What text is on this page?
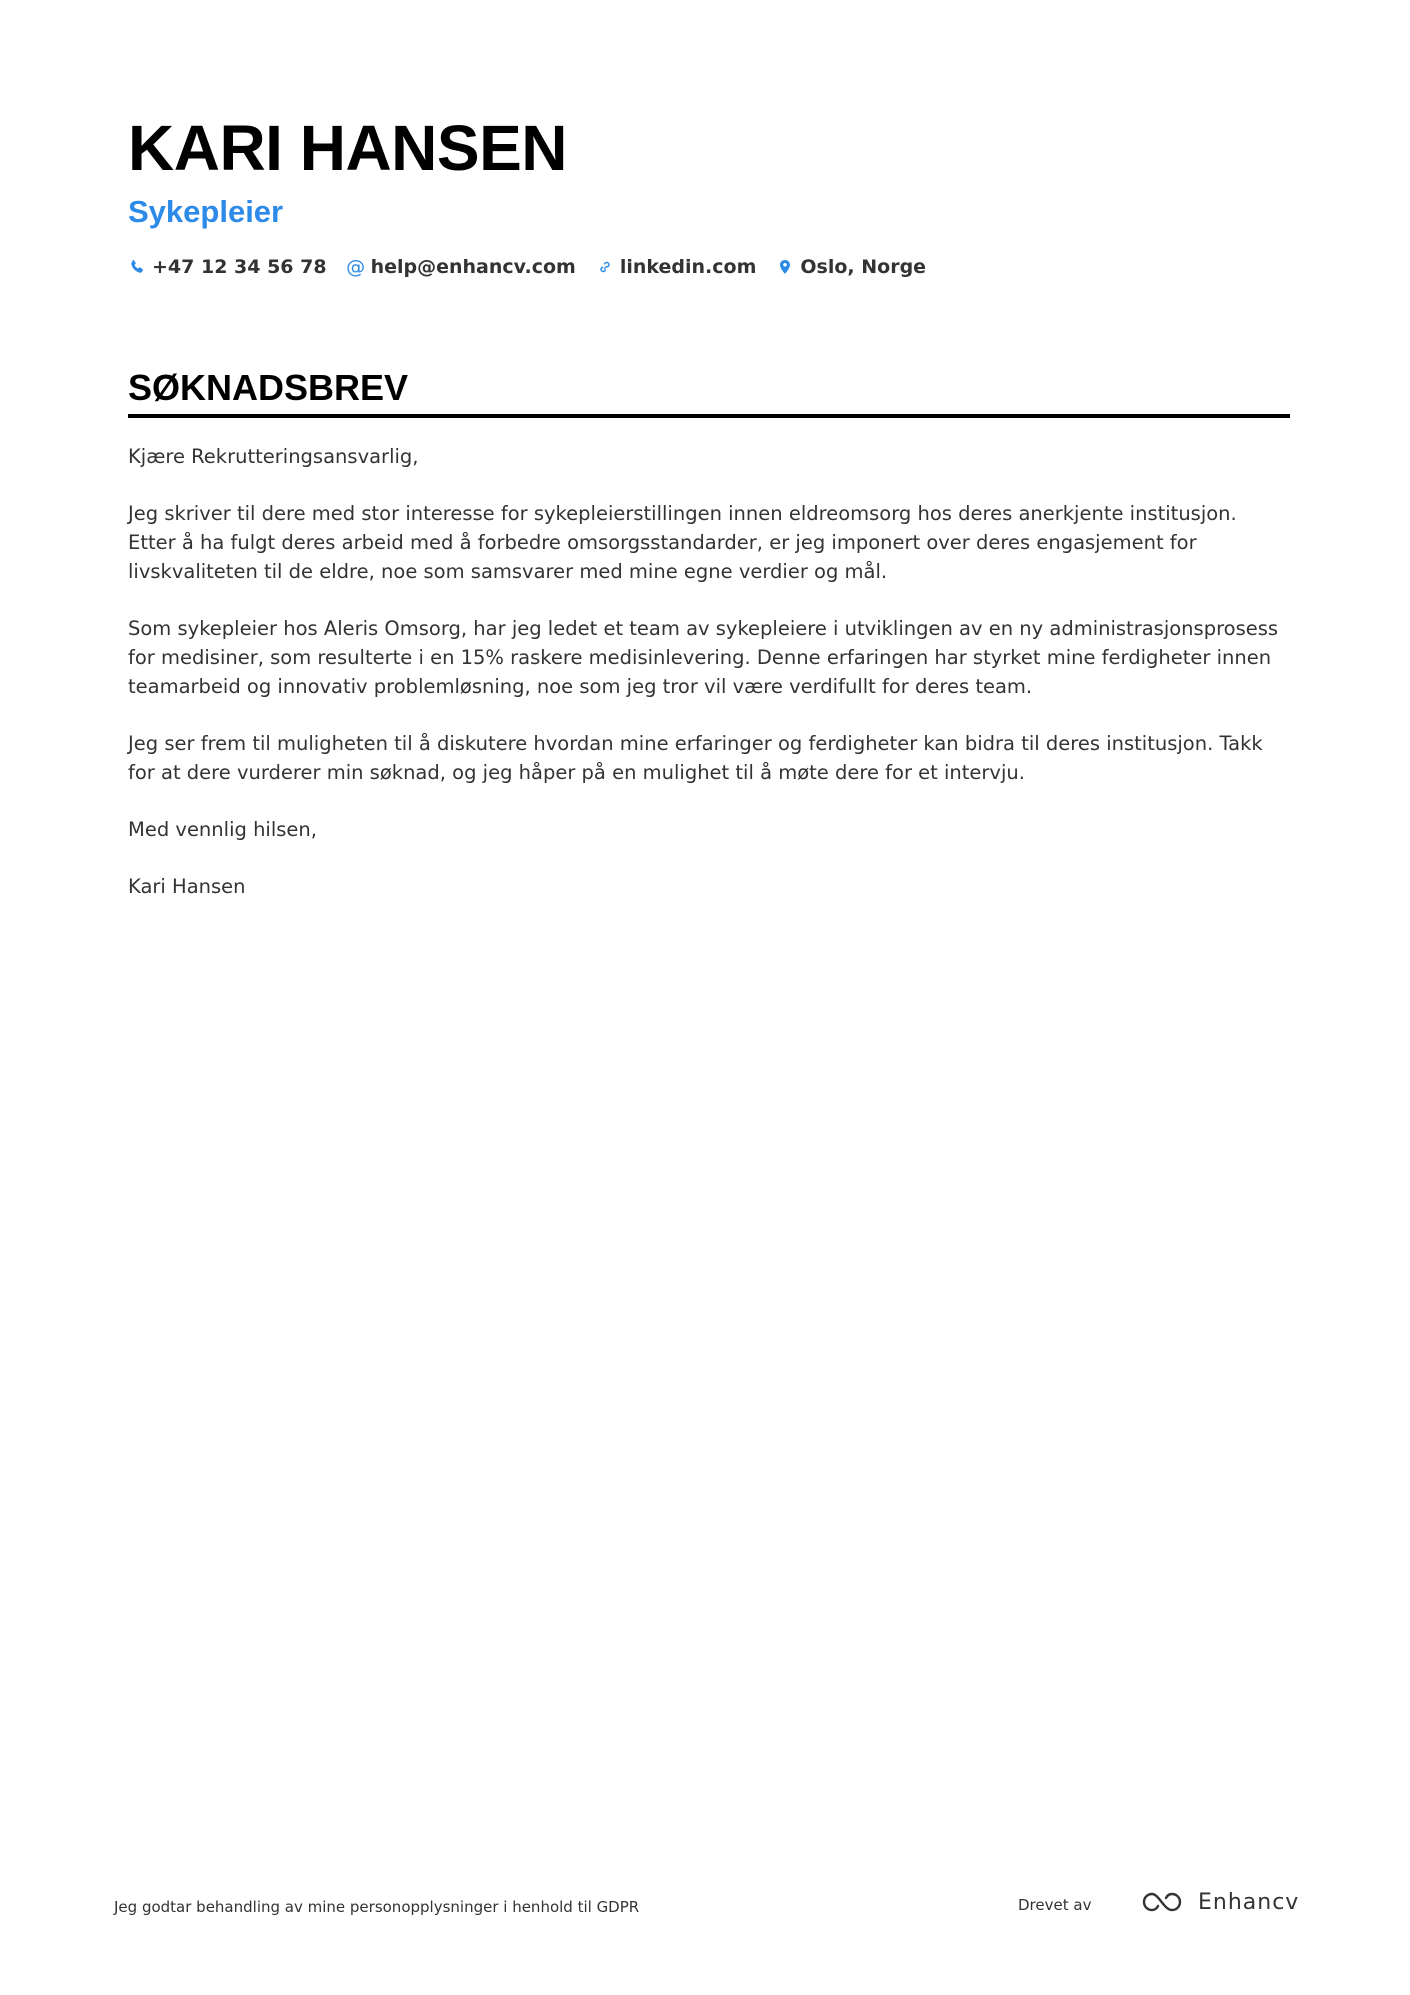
KARI HANSEN
Sykepleier
+47 12 34 56 78 @ help@enhancv.com linkedin.com Oslo, Norge
SØKNADSBREV

Kjære Rekrutteringsansvarlig,

Jeg skriver til dere med stor interesse for sykepleierstillingen innen eldreomsorg hos deres anerkjente institusjon. Etter å ha fulgt deres arbeid med å forbedre omsorgsstandarder, er jeg imponert over deres engasjement for livskvaliteten til de eldre, noe som samsvarer med mine egne verdier og mål.

Som sykepleier hos Aleris Omsorg, har jeg ledet et team av sykepleiere i utviklingen av en ny administrasjonsprosess for medisiner, som resulterte i en 15% raskere medisinlevering. Denne erfaringen har styrket mine ferdigheter innen teamarbeid og innovativ problemløsning, noe som jeg tror vil være verdifullt for deres team.

Jeg ser frem til muligheten til å diskutere hvordan mine erfaringer og ferdigheter kan bidra til deres institusjon. Takk for at dere vurderer min søknad, og jeg håper på en mulighet til å møte dere for et intervju.

Med vennlig hilsen,

Kari Hansen

Jeg godtar behandling av mine personopplysninger i henhold til GDPR	Drevet av	Enhancv
